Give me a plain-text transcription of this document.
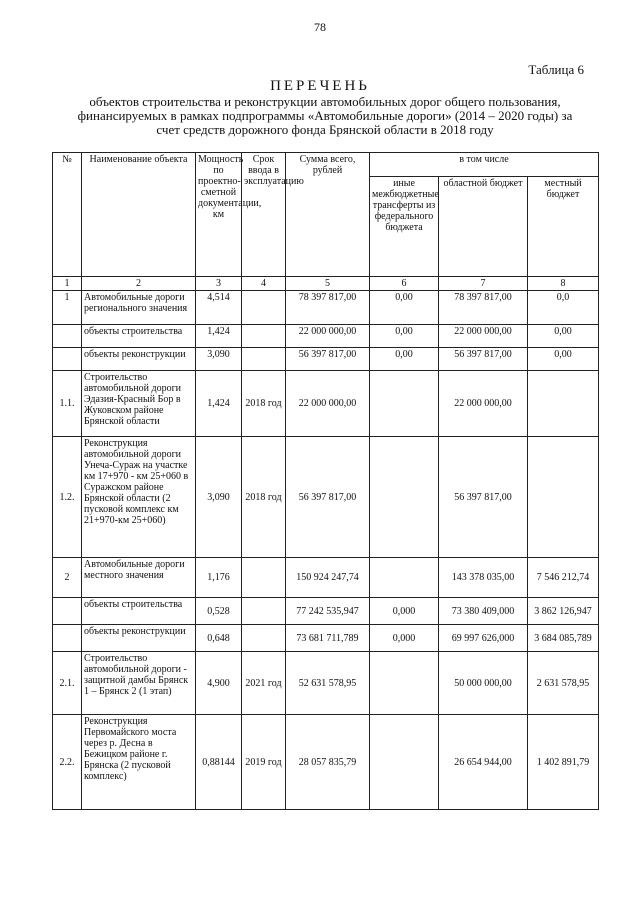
78
Таблица 6
ПЕРЕЧЕНЬ
объектов строительства и реконструкции автомобильных дорог общего пользования,
финансируемых в рамках подпрограммы «Автомобильные дороги» (2014 – 2020 годы) за
счет средств дорожного фонда Брянской области в 2018 году
№	Наименование объекта	Мощность по проектно-сметной документации, км	Срок ввода в эксплуатацию	Сумма всего, рублей	в том числе		
					иные межбюджетные трансферты из федерального бюджета	областной бюджет	местный бюджет
1	2	3	4	5	6	7	8
1	Автомобильные дороги регионального значения	4,514		78 397 817,00	0,00	78 397 817,00	0,0
	объекты строительства	1,424		22 000 000,00	0,00	22 000 000,00	0,00
	объекты реконструкции	3,090		56 397 817,00	0,00	56 397 817,00	0,00
1.1.	Строительство автомобильной дороги Эдазия-Красный Бор в Жуковском районе Брянской области	1,424	2018 год	22 000 000,00		22 000 000,00	
1.2.	Реконструкция автомобильной дороги Унеча-Сураж на участке км 17+970 - км 25+060 в Суражском районе Брянской области (2 пусковой комплекс км 21+970-км 25+060)	3,090	2018 год	56 397 817,00		56 397 817,00	
2	Автомобильные дороги местного значения	1,176		150 924 247,74		143 378 035,00	7 546 212,74
	объекты строительства	0,528		77 242 535,947	0,000	73 380 409,000	3 862 126,947
	объекты реконструкции	0,648		73 681 711,789	0,000	69 997 626,000	3 684 085,789
2.1.	Строительство автомобильной дороги - защитной дамбы Брянск 1 – Брянск 2 (1 этап)	4,900	2021 год	52 631 578,95		50 000 000,00	2 631 578,95
2.2.	Реконструкция Первомайского моста через р. Десна в Бежицком районе г. Брянска (2 пусковой комплекс)	0,88144	2019 год	28 057 835,79		26 654 944,00	1 402 891,79
